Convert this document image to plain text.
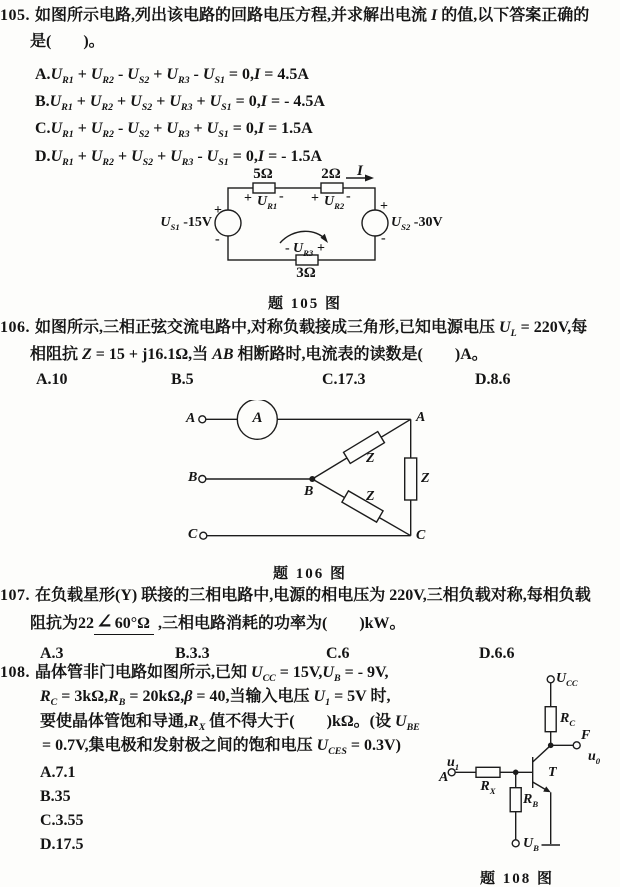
105. 如图所示电路,列出该电路的回路电压方程,并求解出电流 I 的值,以下答案正确的
是(　　)。
$A.U_{R1} + U_{R2} - U_{S2} + U_{R3} - U_{S1} = 0,I = 4.5A$
$B.U_{R1} + U_{R2} + U_{S2} + U_{R3} + U_{S1} = 0,I$ = - 4.5A
$C.U_{R1} + U_{R2} - U_{S2} + U_{R3} + U_{S1} = 0,I = 1.5A$
$D.U_{R1} + U_{R2} + U_{S2} + U_{R3} - U_{S1} = 0,I$ = - 1.5A
5Ω	2Ω
+ $U_{R1}$
- + $U_{R2}$
-
I
+
-
$U_{S1}$ -15V
+
-
$U_{S2}$ -30V
- $U_{R3}$ +
3Ω
题 105 图
106. 如图所示,三相正弦交流电路中,对称负载接成三角形,已知电源电压 $U_L = 220V$,每
相阻抗 Z = 15 + j16.1Ω,当 AB 相断路时,电流表的读数是(　　)A。
A.10	B.5	C.17.3	D.8.6
A
B
C
A	A
B
C
Z
Z
Z
题 106 图
107. 在负载星形(Y) 联接的三相电路中,电源的相电压为 220V,三相负载对称,每相负载
阻抗为22 ∠ 60°Ω ,三相电路消耗的功率为(　　)kW。
A.3	B.3.3	C.6	D.6.6
108. 晶体管非门电路如图所示,已知 $U_{CC} = 15V,U_B$ = - 9V,
$R_C = 3k\Omega,R_B = 20k\Omega,\beta = 40$,当输入电压 $U_1 = 5V$ 时,
要使晶体管饱和导通$,R_X$ 值不得大于(　　)kΩ。(设 $U_{BE}$
= 0.7V,集电极和发射极之间的饱和电压 $U_{CES} = 0.3V$)
A.7.1
B.35
C.3.55
D.17.5
$U_{CC}$
$R_C$
F
$u_0$
T
$u_1$
A
$R_X$
$R_B$
$U_B$
题 108 图
